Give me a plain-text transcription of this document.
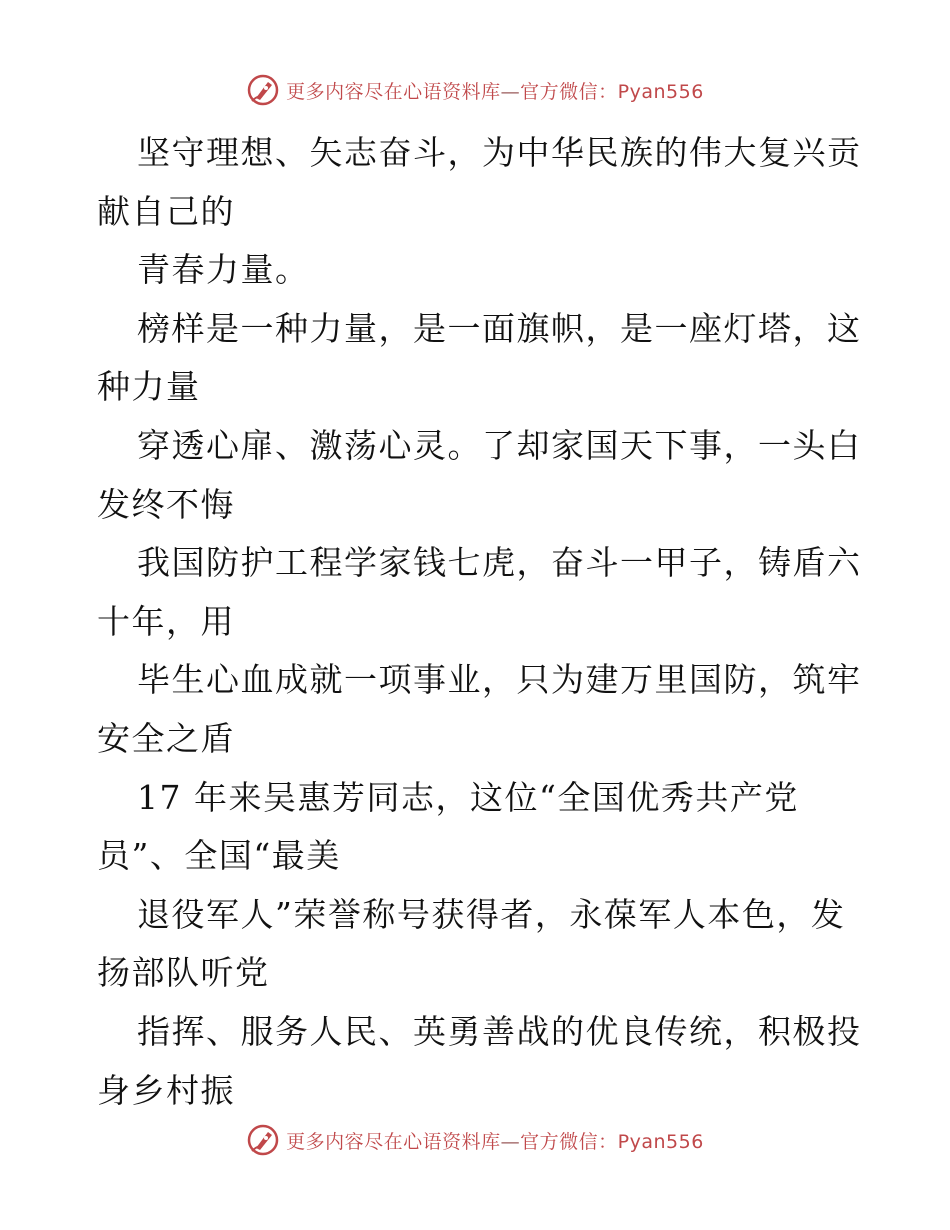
更多内容尽在心语资料库—官方微信：Pyan556
坚守理想、矢志奋斗，为中华民族的伟大复兴贡
献自己的
青春力量。
榜样是一种力量，是一面旗帜，是一座灯塔，这
种力量
穿透心扉、激荡心灵。了却家国天下事，一头白
发终不悔
我国防护工程学家钱七虎，奋斗一甲子，铸盾六
十年，用
毕生心血成就一项事业，只为建万里国防，筑牢
安全之盾
17 年来吴惠芳同志，这位“全国优秀共产党
员”、全国“最美
退役军人”荣誉称号获得者，永葆军人本色，发
扬部队听党
指挥、服务人民、英勇善战的优良传统，积极投
身乡村振
更多内容尽在心语资料库—官方微信：Pyan556
